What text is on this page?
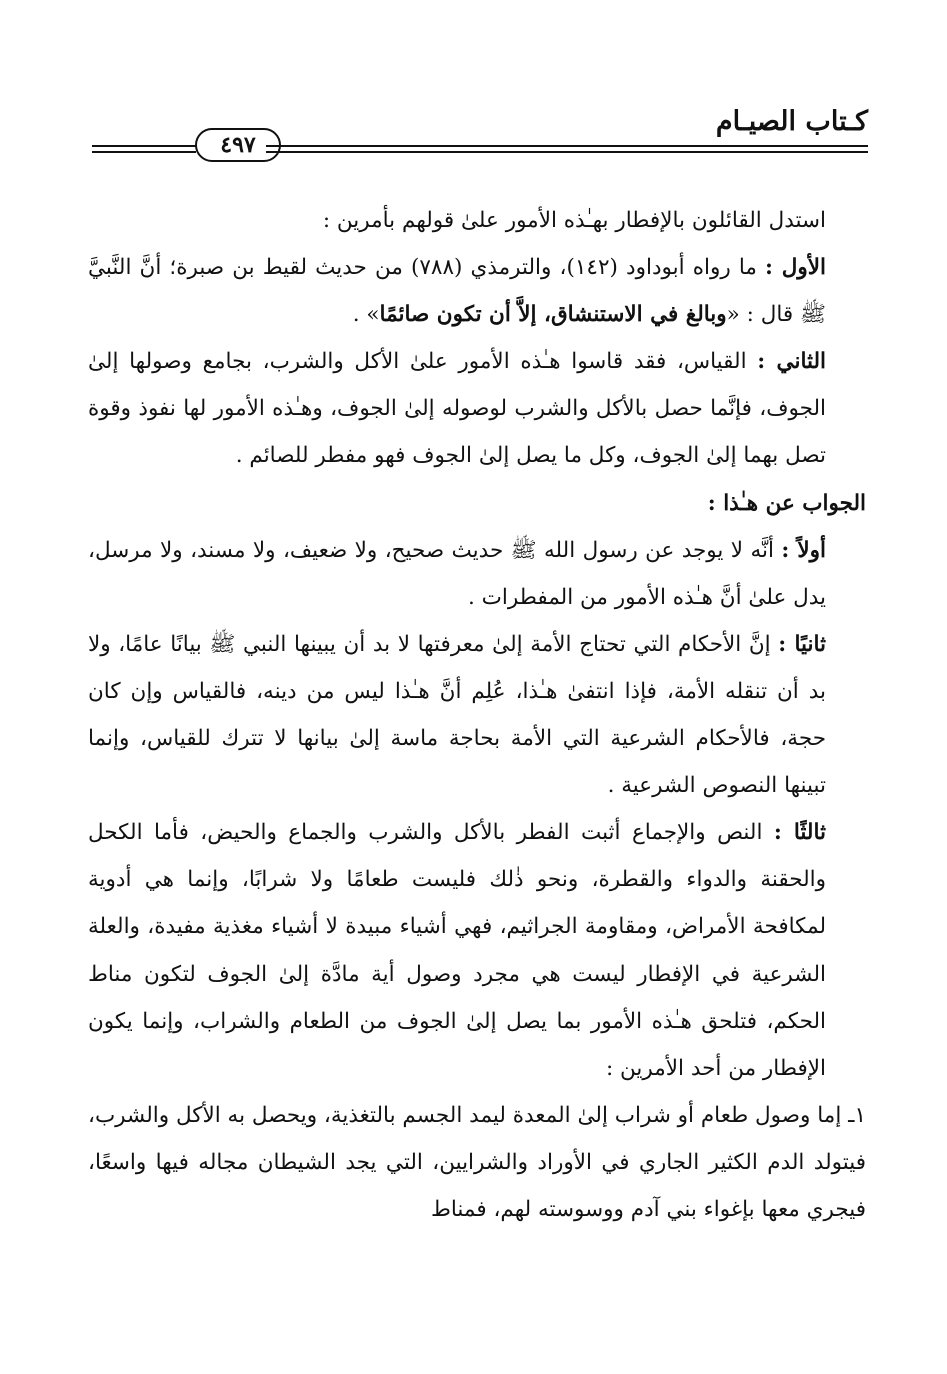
كـتاب الصيـام
٤٩٧

استدل القائلون بالإفطار بهـٰذه الأمور علىٰ قولهم بأمرين :

الأول : ما رواه أبوداود (١٤٢)، والترمذي (٧٨٨) من حديث لقيط بن صبرة؛ أنَّ النَّبيَّ ﷺ قال : «وبالغ في الاستنشاق، إلاَّ أن تكون صائمًا» .

الثاني : القياس، فقد قاسوا هـٰذه الأمور علىٰ الأكل والشرب، بجامع وصولها إلىٰ الجوف، فإنَّما حصل بالأكل والشرب لوصوله إلىٰ الجوف، وهـٰذه الأمور لها نفوذ وقوة تصل بهما إلىٰ الجوف، وكل ما يصل إلىٰ الجوف فهو مفطر للصائم .

الجواب عن هـٰذا :

أولاً : أنَّه لا يوجد عن رسول الله ﷺ حديث صحيح، ولا ضعيف، ولا مسند، ولا مرسل، يدل علىٰ أنَّ هـٰذه الأمور من المفطرات .

ثانيًا : إنَّ الأحكام التي تحتاج الأمة إلىٰ معرفتها لا بد أن يبينها النبي ﷺ بيانًا عامًا، ولا بد أن تنقله الأمة، فإذا انتفىٰ هـٰذا، عُلِم أنَّ هـٰذا ليس من دينه، فالقياس وإن كان حجة، فالأحكام الشرعية التي الأمة بحاجة ماسة إلىٰ بيانها لا تترك للقياس، وإنما تبينها النصوص الشرعية .

ثالثًا : النص والإجماع أثبت الفطر بالأكل والشرب والجماع والحيض، فأما الكحل والحقنة والدواء والقطرة، ونحو ذٰلك فليست طعامًا ولا شرابًا، وإنما هي أدوية لمكافحة الأمراض، ومقاومة الجراثيم، فهي أشياء مبيدة لا أشياء مغذية مفيدة، والعلة الشرعية في الإفطار ليست هي مجرد وصول أية مادَّة إلىٰ الجوف لتكون مناط الحكم، فتلحق هـٰذه الأمور بما يصل إلىٰ الجوف من الطعام والشراب، وإنما يكون الإفطار من أحد الأمرين :

١ـ إما وصول طعام أو شراب إلىٰ المعدة ليمد الجسم بالتغذية، ويحصل به الأكل والشرب، فيتولد الدم الكثير الجاري في الأوراد والشرايين، التي يجد الشيطان مجاله فيها واسعًا، فيجري معها بإغواء بني آدم ووسوسته لهم، فمناط
